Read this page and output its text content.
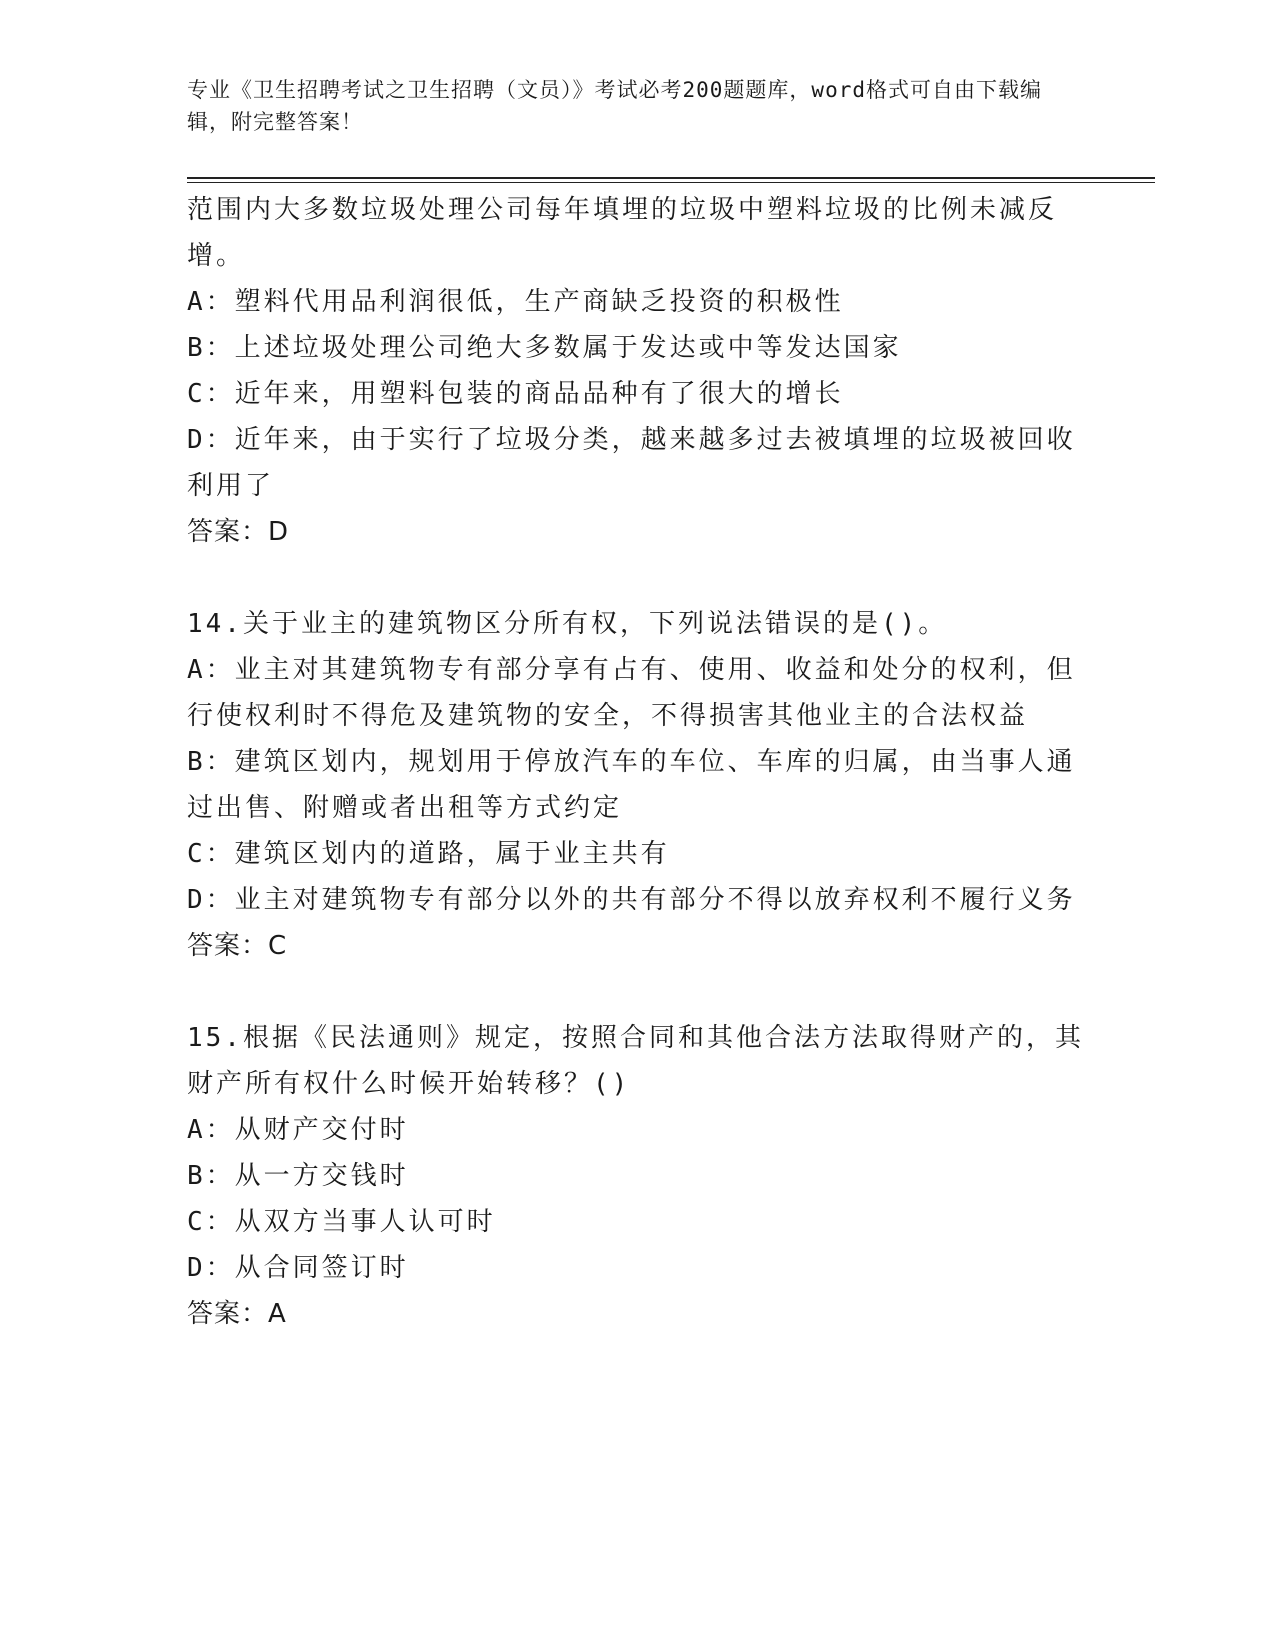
专业《卫生招聘考试之卫生招聘（文员）》考试必考200题题库，word格式可自由下载编辑，附完整答案！
范围内大多数垃圾处理公司每年填埋的垃圾中塑料垃圾的比例未减反增。
A：塑料代用品利润很低，生产商缺乏投资的积极性
B：上述垃圾处理公司绝大多数属于发达或中等发达国家
C：近年来，用塑料包装的商品品种有了很大的增长
D：近年来，由于实行了垃圾分类，越来越多过去被填埋的垃圾被回收利用了
答案：D
14.关于业主的建筑物区分所有权，下列说法错误的是()。
A：业主对其建筑物专有部分享有占有、使用、收益和处分的权利，但行使权利时不得危及建筑物的安全，不得损害其他业主的合法权益
B：建筑区划内，规划用于停放汽车的车位、车库的归属，由当事人通过出售、附赠或者出租等方式约定
C：建筑区划内的道路，属于业主共有
D：业主对建筑物专有部分以外的共有部分不得以放弃权利不履行义务
答案：C
15.根据《民法通则》规定，按照合同和其他合法方法取得财产的，其财产所有权什么时候开始转移？()
A：从财产交付时
B：从一方交钱时
C：从双方当事人认可时
D：从合同签订时
答案：A
